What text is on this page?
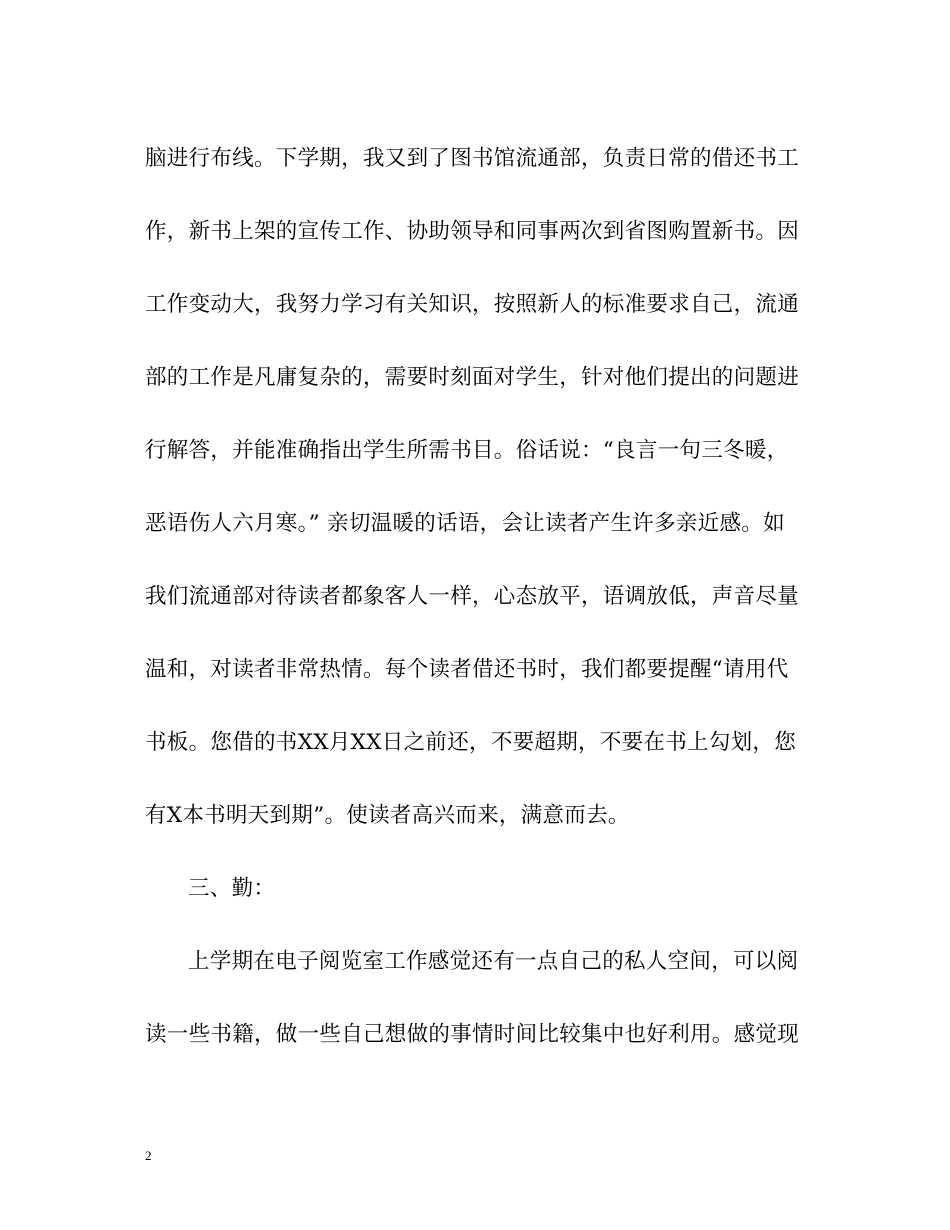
脑进行布线。下学期，我又到了图书馆流通部，负责日常的借还书工
作，新书上架的宣传工作、协助领导和同事两次到省图购置新书。因
工作变动大，我努力学习有关知识，按照新人的标准要求自己，流通
部的工作是凡庸复杂的，需要时刻面对学生，针对他们提出的问题进
行解答，并能准确指出学生所需书目。俗话说：“良言一句三冬暖，
恶语伤人六月寒。” 亲切温暖的话语，会让读者产生许多亲近感。如
我们流通部对待读者都象客人一样，心态放平，语调放低，声音尽量
温和，对读者非常热情。每个读者借还书时，我们都要提醒“请用代
书板。您借的书XX月XX日之前还，不要超期，不要在书上勾划，您
有X本书明天到期”。使读者高兴而来，满意而去。
三、勤：
上学期在电子阅览室工作感觉还有一点自己的私人空间，可以阅
读一些书籍，做一些自己想做的事情时间比较集中也好利用。感觉现
2
